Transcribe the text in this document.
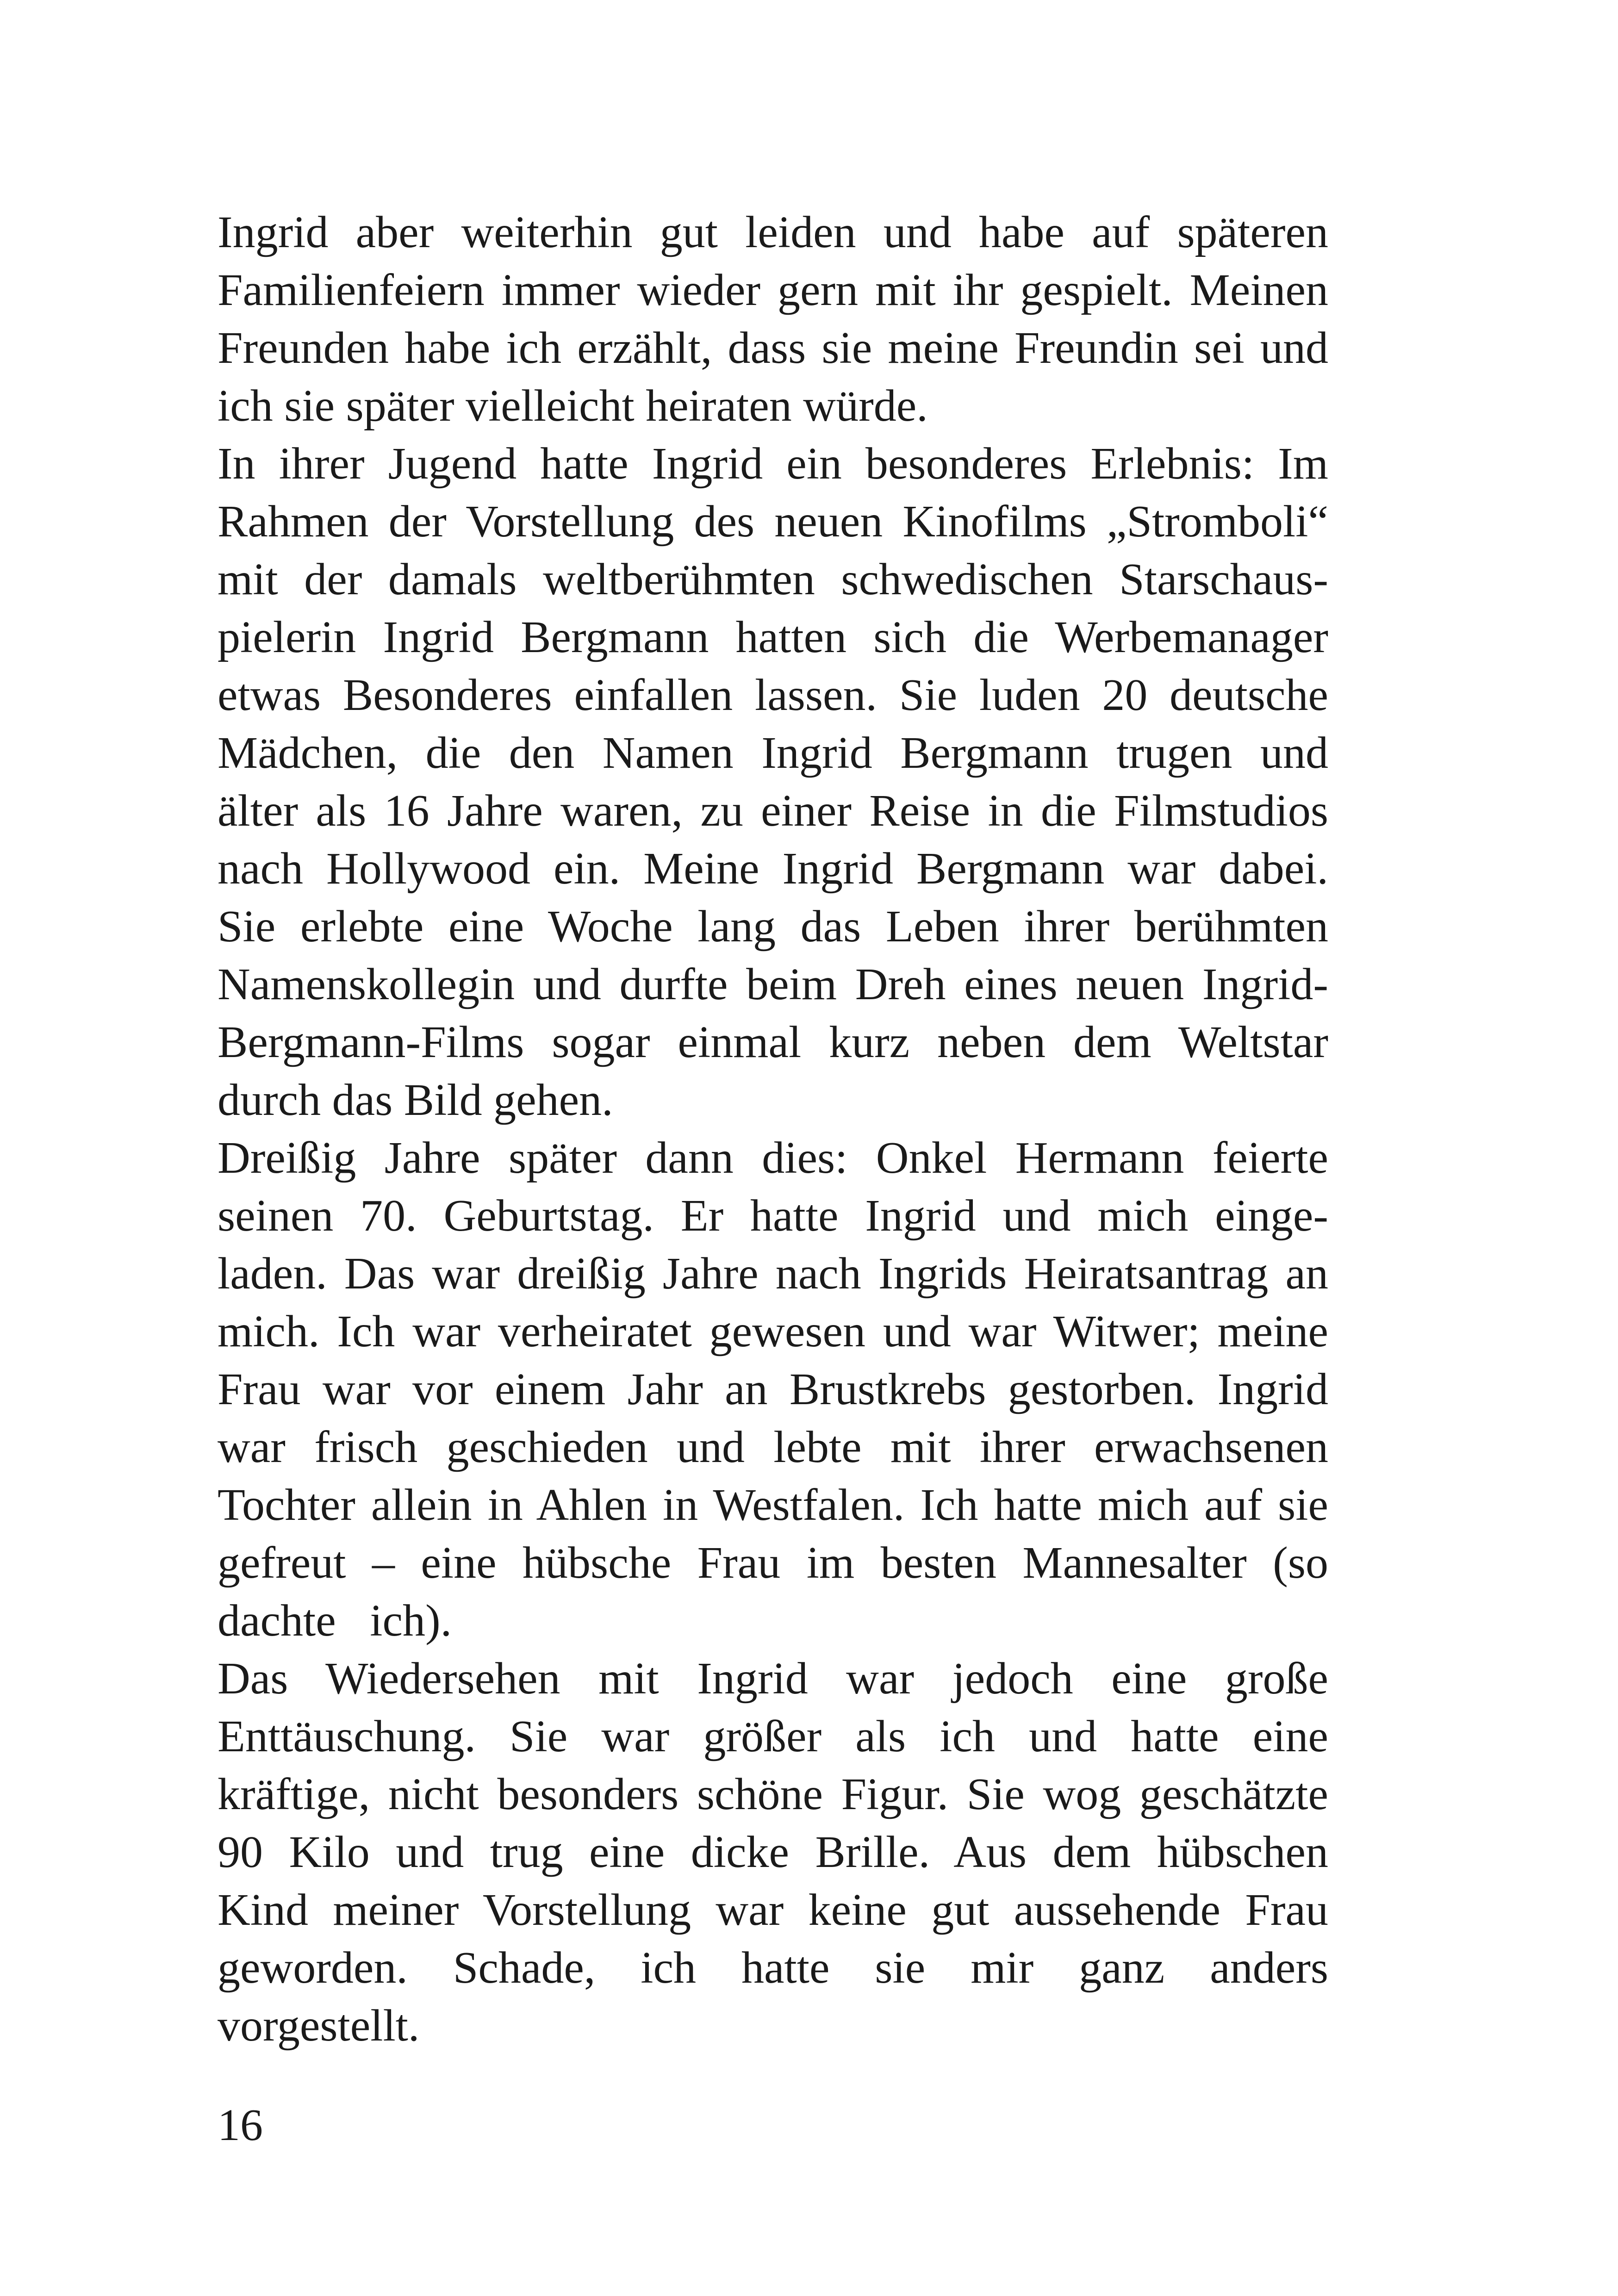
Ingrid aber weiterhin gut leiden und habe auf späteren
Familienfeiern immer wieder gern mit ihr gespielt. Meinen
Freunden habe ich erzählt, dass sie meine Freundin sei und
ich sie später vielleicht heiraten würde.
In ihrer Jugend hatte Ingrid ein besonderes Erlebnis: Im
Rahmen der Vorstellung des neuen Kinofilms „Stromboli“
mit der damals weltberühmten schwedischen Starschaus-
pielerin Ingrid Bergmann hatten sich die Werbemanager
etwas Besonderes einfallen lassen. Sie luden 20 deutsche
Mädchen, die den Namen Ingrid Bergmann trugen und
älter als 16 Jahre waren, zu einer Reise in die Filmstudios
nach Hollywood ein. Meine Ingrid Bergmann war dabei.
Sie erlebte eine Woche lang das Leben ihrer berühmten
Namenskollegin und durfte beim Dreh eines neuen Ingrid-
Bergmann-Films sogar einmal kurz neben dem Weltstar
durch das Bild gehen.
Dreißig Jahre später dann dies: Onkel Hermann feierte
seinen 70. Geburtstag. Er hatte Ingrid und mich einge-
laden. Das war dreißig Jahre nach Ingrids Heiratsantrag an
mich. Ich war verheiratet gewesen und war Witwer; meine
Frau war vor einem Jahr an Brustkrebs gestorben. Ingrid
war frisch geschieden und lebte mit ihrer erwachsenen
Tochter allein in Ahlen in Westfalen. Ich hatte mich auf sie
gefreut – eine hübsche Frau im besten Mannesalter (so
dachte   ich).
Das Wiedersehen mit Ingrid war jedoch eine große
Enttäuschung. Sie war größer als ich und hatte eine
kräftige, nicht besonders schöne Figur. Sie wog geschätzte
90 Kilo und trug eine dicke Brille. Aus dem hübschen
Kind meiner Vorstellung war keine gut aussehende Frau
geworden. Schade, ich hatte sie mir ganz anders
vorgestellt.
16
